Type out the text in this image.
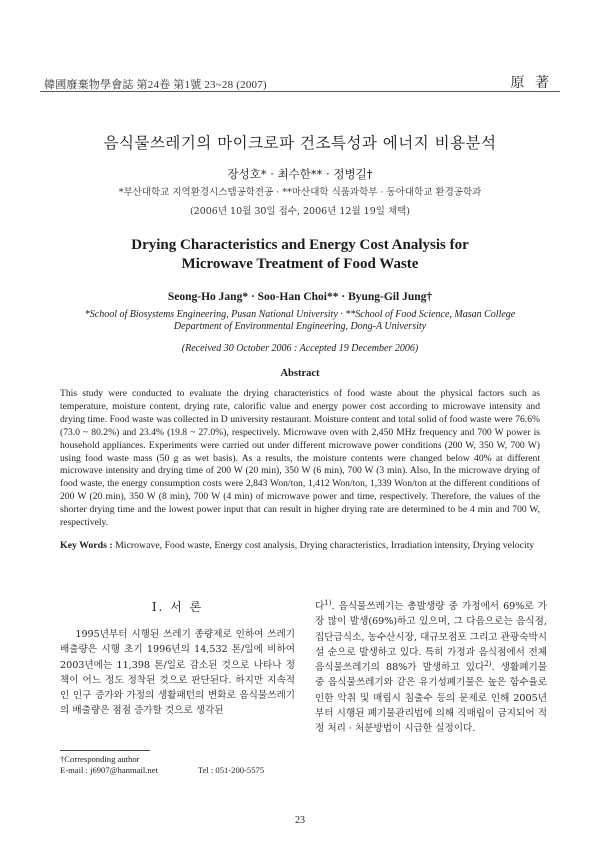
韓國廢棄物學會誌 第24卷 第1號 23~28 (2007)	原 著
음식물쓰레기의 마이크로파 건조특성과 에너지 비용분석
장성호* · 최수한** · 정병길†
*부산대학교 지역환경시스템공학전공 · **마산대학 식품과학부 · 동아대학교 환경공학과
(2006년 10월 30일 접수, 2006년 12월 19일 채택)
Drying Characteristics and Energy Cost Analysis for
Microwave Treatment of Food Waste
Seong-Ho Jang* · Soo-Han Choi** · Byung-Gil Jung†
*School of Biosystems Engineering, Pusan National University · **School of Food Science, Masan College
Department of Environmental Engineering, Dong-A University
(Received 30 October 2006 : Accepted 19 December 2006)
Abstract
This study were conducted to evaluate the drying characteristics of food waste about the physical factors such as temperature, moisture content, drying rate, calorific value and energy power cost according to microwave intensity and drying time. Food waste was collected in D university restaurant. Moisture content and total solid of food waste were 76.6% (73.0 ~ 80.2%) and 23.4% (19.8 ~ 27.0%), respectively. Microwave oven with 2,450 MHz frequency and 700 W power is household appliances. Experiments were carried out under different microwave power conditions (200 W, 350 W, 700 W) using food waste mass (50 g as wet basis). As a results, the moisture contents were changed below 40% at different microwave intensity and drying time of 200 W (20 min), 350 W (6 min), 700 W (3 min). Also, In the microwave drying of food waste, the energy consumption costs were 2,843 Won/ton, 1,412 Won/ton, 1,339 Won/ton at the different conditions of 200 W (20 min), 350 W (8 min), 700 W (4 min) of microwave power and time, respectively. Therefore, the values of the shorter drying time and the lowest power input that can result in higher drying rate are determined to be 4 min and 700 W, respectively.
Key Words : Microwave, Food waste, Energy cost analysis, Drying characteristics, Irradiation intensity, Drying velocity
I. 서 론
1995년부터 시행된 쓰레기 종량제로 인하여 쓰레기 배출량은 시행 초기 1996년의 14,532 톤/일에 비하여 2003년에는 11,398 톤/일로 감소된 것으로 나타나 정책이 어느 정도 정착된 것으로 판단된다. 하지만 지속적인 인구 증가와 가정의 생활패턴의 변화로 음식물쓰레기의 배출량은 점점 증가할 것으로 생각된
다$^{1)}$. 음식물쓰레기는 총발생량 중 가정에서 69%로 가장 많이 발생(69%)하고 있으며, 그 다음으로는 음식점, 집단급식소, 농수산시장, 대규모점포 그리고 관광숙박시설 순으로 발생하고 있다. 특히 가정과 음식점에서 전체 음식물쓰레기의 88%가 발생하고 있다$^{2)}$. 생활폐기물 중 음식물쓰레기와 같은 유기성폐기물은 높은 함수율로 인한 악취 및 매립시 침출수 등의 문제로 인해 2005년부터 시행된 폐기물관리법에 의해 직매립이 금지되어 적정 처리 · 처분방법이 시급한 실정이다.
†Corresponding author
E-mail : j6907@hanmail.net	Tel : 051-200-5575
23
